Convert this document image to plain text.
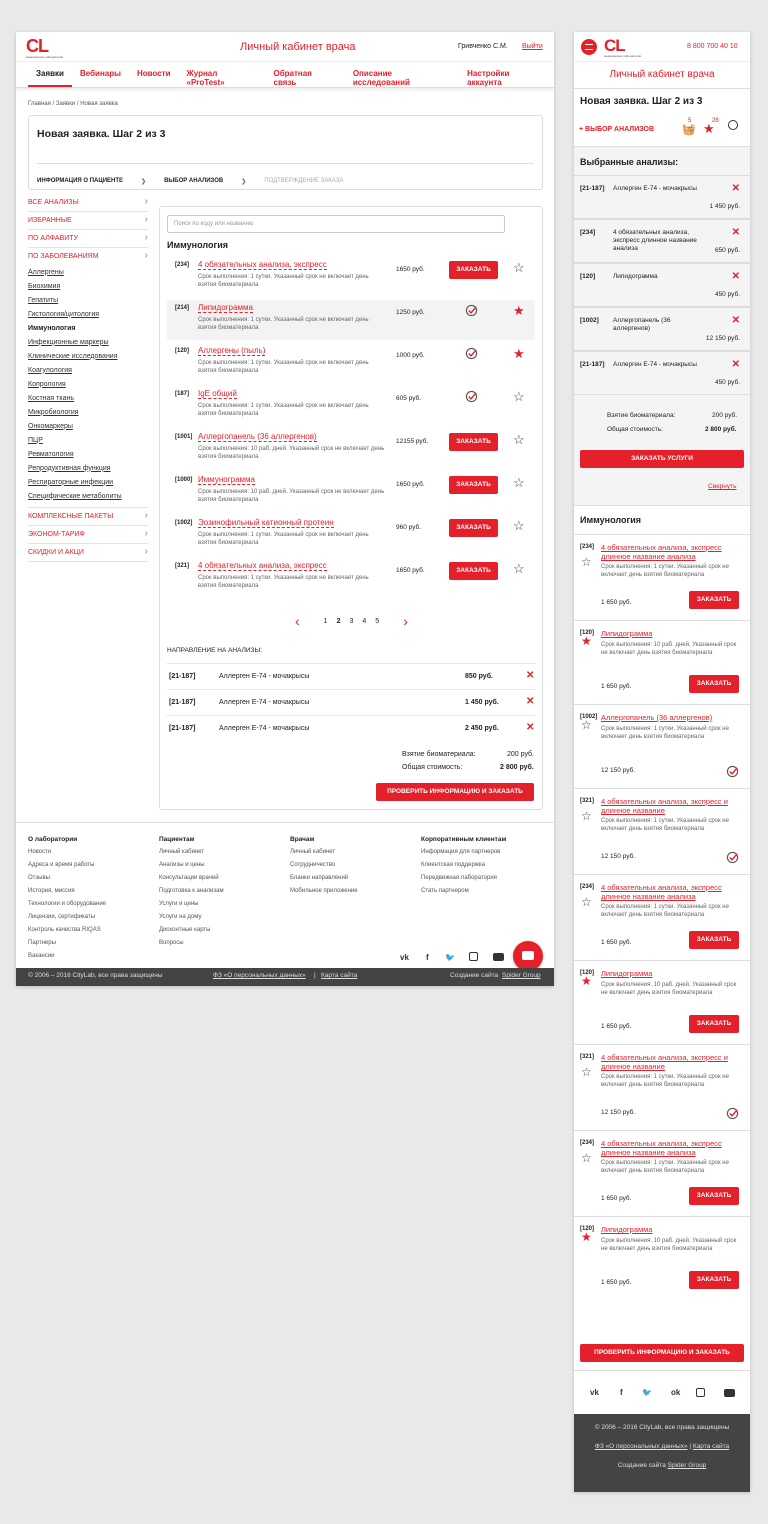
CL
медицинские лаборатории
Личный кабинет врача	Гривченко С.М. Выйти
Заявки	Вебинары	Новости	Журнал «ProTest»
Обратная связь
Описание исследований
Настройки аккаунта
Главная / Заявки / Новая заявка
Новая заявка. Шаг 2 из 3
ИНФОРМАЦИЯ О ПАЦИЕНТЕ	❯	ВЫБОР АНАЛИЗОВ	❯	ПОДТВЕРЖДЕНИЕ ЗАКАЗА
ВСЕ АНАЛИЗЫ ›
ИЗБРАННЫЕ ›
ПО АЛФАВИТУ ›
ПО ЗАБОЛЕВАНИЯМ ›
Аллергены
Биохимия
Гепатиты
Гистология/цитология
Иммунология
Инфекционные маркеры
Клинические исследования
Коагулология
Копрология
Костная ткань
Микробиология
Онкомаркеры
ПЦР
Ревматология
Репродуктивная функция
Респираторные инфекции
Специфические метаболиты
КОМПЛЕКСНЫЕ ПАКЕТЫ ›
ЭКОНОМ-ТАРИФ ›
СКИДКИ И АКЦИ ›
Поиск по коду или названию
Иммунология
[234] 4 обязательных анализа, экспресс
Срок выполнения: 1 сутки. Указанный срок не включает день взятия биоматериала
1650 руб.	ЗАКАЗАТЬ	☆
[214] Липидограмма
Срок выполнения: 1 сутки. Указанный срок не включает день взятия биоматериала
1250 руб.	★
[120] Аллергены (пыль)
Срок выполнения: 1 сутки. Указанный срок не включает день взятия биоматериала
1000 руб.	★
[187] IgE общий
Срок выполнения: 1 сутки. Указанный срок не включает день взятия биоматериала
605 руб.	☆
[1001] Аллергопанель (36 аллергенов)
Срок выполнения: 10 раб. дней. Указанный срок не включает день взятия биоматериала
12155 руб.	ЗАКАЗАТЬ	☆
[1000] Иммунограмма
Срок выполнения: 10 раб. дней. Указанный срок не включает день взятия биоматериала
1650 руб.	ЗАКАЗАТЬ	☆
[1002] Эозинофильный катионный протеин
Срок выполнения: 1 сутки. Указанный срок не включает день взятия биоматериала
960 руб.	ЗАКАЗАТЬ	☆
[321] 4 обязательных анализа, экспресс
Срок выполнения: 1 сутки. Указанный срок не включает день взятия биоматериала
1650 руб.	ЗАКАЗАТЬ	☆
‹	1 2 3 4 5 ›
НАПРАВЛЕНИЕ НА АНАЛИЗЫ:
[21-187]	Аллерген Е-74 - мочакрысы	850 руб.	✕
[21-187]	Аллерген Е-74 - мочакрысы	1 450 руб.	✕
[21-187]	Аллерген Е-74 - мочакрысы	2 450 руб.	✕
Взятие биоматериала:	200 руб.
Общая стоимость:	2 800 руб.
ПРОВЕРИТЬ ИНФОРМАЦИЮ И ЗАКАЗАТЬ
О лаборатории
Новости
Адреса и время работы
Отзывы
История, миссия
Технологии и оборудование
Лицензии, сертификаты
Контроль качества RIQAS
Партнеры
Вакансии
Пациентам
Личный кабинет
Анализы и цены
Консультации врачей
Подготовка к анализам
Услуги и цены
Услуги на дому
Дисконтные карты
Вопросы
Врачам
Личный кабинет
Сотрудничество
Бланки направлений
Мобильное приложение
Корпоративным клиентам
Информация для партнеров
Клиентская поддержка
Передвижная лаборатория
Стать партнером
vk f 🐦
© 2006 – 2016 CityLab, все права защищены	ФЗ «О персональных данных» | Карта сайта	Создание сайта Spider Group
CL
медицинские лаборатории
8 800 700 40 10
Личный кабинет врача
Новая заявка. Шаг 2 из 3
+ ВЫБОР АНАЛИЗОВ	🧺
5 ★
28
Выбранные анализы:
[21-187] Аллерген Е-74 - мочакрысы	✕
1 450 руб.
[234]	4 обязательных анализа, экспресс длинное название анализа
✕
650 руб.
[120]	Липидограмма	✕
450 руб.
[1002] Аллергопанель (36 аллергенов)
✕
12 150 руб.
[21-187] Аллерген Е-74 - мочакрысы	✕
450 руб.
Взятие биоматериала:	200 руб.
Общая стоимость:	2 800 руб.
ЗАКАЗАТЬ УСЛУГИ
Свернуть
Иммунология
[234] 4 обязательных анализа, экспресс длинное название анализа
☆ Срок выполнения: 1 сутки. Указанный срок не включает день взятия биоматериала
1 650 руб.	ЗАКАЗАТЬ
[120] Липидограмма
★ Срок выполнения: 10 раб. дней. Указанный срок не включает день взятия биоматериала
1 650 руб.	ЗАКАЗАТЬ
[1002] Аллергопанель (36 аллергенов)
☆ Срок выполнения: 1 сутки. Указанный срок не включает день взятия биоматериала
12 150 руб.
[321] 4 обязательных анализа, экспресс и длинное название
☆ Срок выполнения: 1 сутки. Указанный срок не включает день взятия биоматериала
12 150 руб.
[234] 4 обязательных анализа, экспресс длинное название анализа
☆ Срок выполнения: 1 сутки. Указанный срок не включает день взятия биоматериала
1 650 руб.	ЗАКАЗАТЬ
[120] Липидограмма
★ Срок выполнения: 10 раб. дней. Указанный срок не включает день взятия биоматериала
1 650 руб.	ЗАКАЗАТЬ
[321] 4 обязательных анализа, экспресс и длинное название
☆ Срок выполнения: 1 сутки. Указанный срок не включает день взятия биоматериала
12 150 руб.
[234] 4 обязательных анализа, экспресс длинное название анализа
☆ Срок выполнения: 1 сутки. Указанный срок не включает день взятия биоматериала
1 650 руб.	ЗАКАЗАТЬ
[120] Липидограмма
★ Срок выполнения: 10 раб. дней. Указанный срок не включает день взятия биоматериала
1 650 руб.	ЗАКАЗАТЬ
ПРОВЕРИТЬ ИНФОРМАЦИЮ И ЗАКАЗАТЬ
vk	f 🐦 ok
© 2006 – 2016 CityLab, все права защищены
ФЗ «О персональных данных» | Карта сайта
Создание сайта Spider Group
